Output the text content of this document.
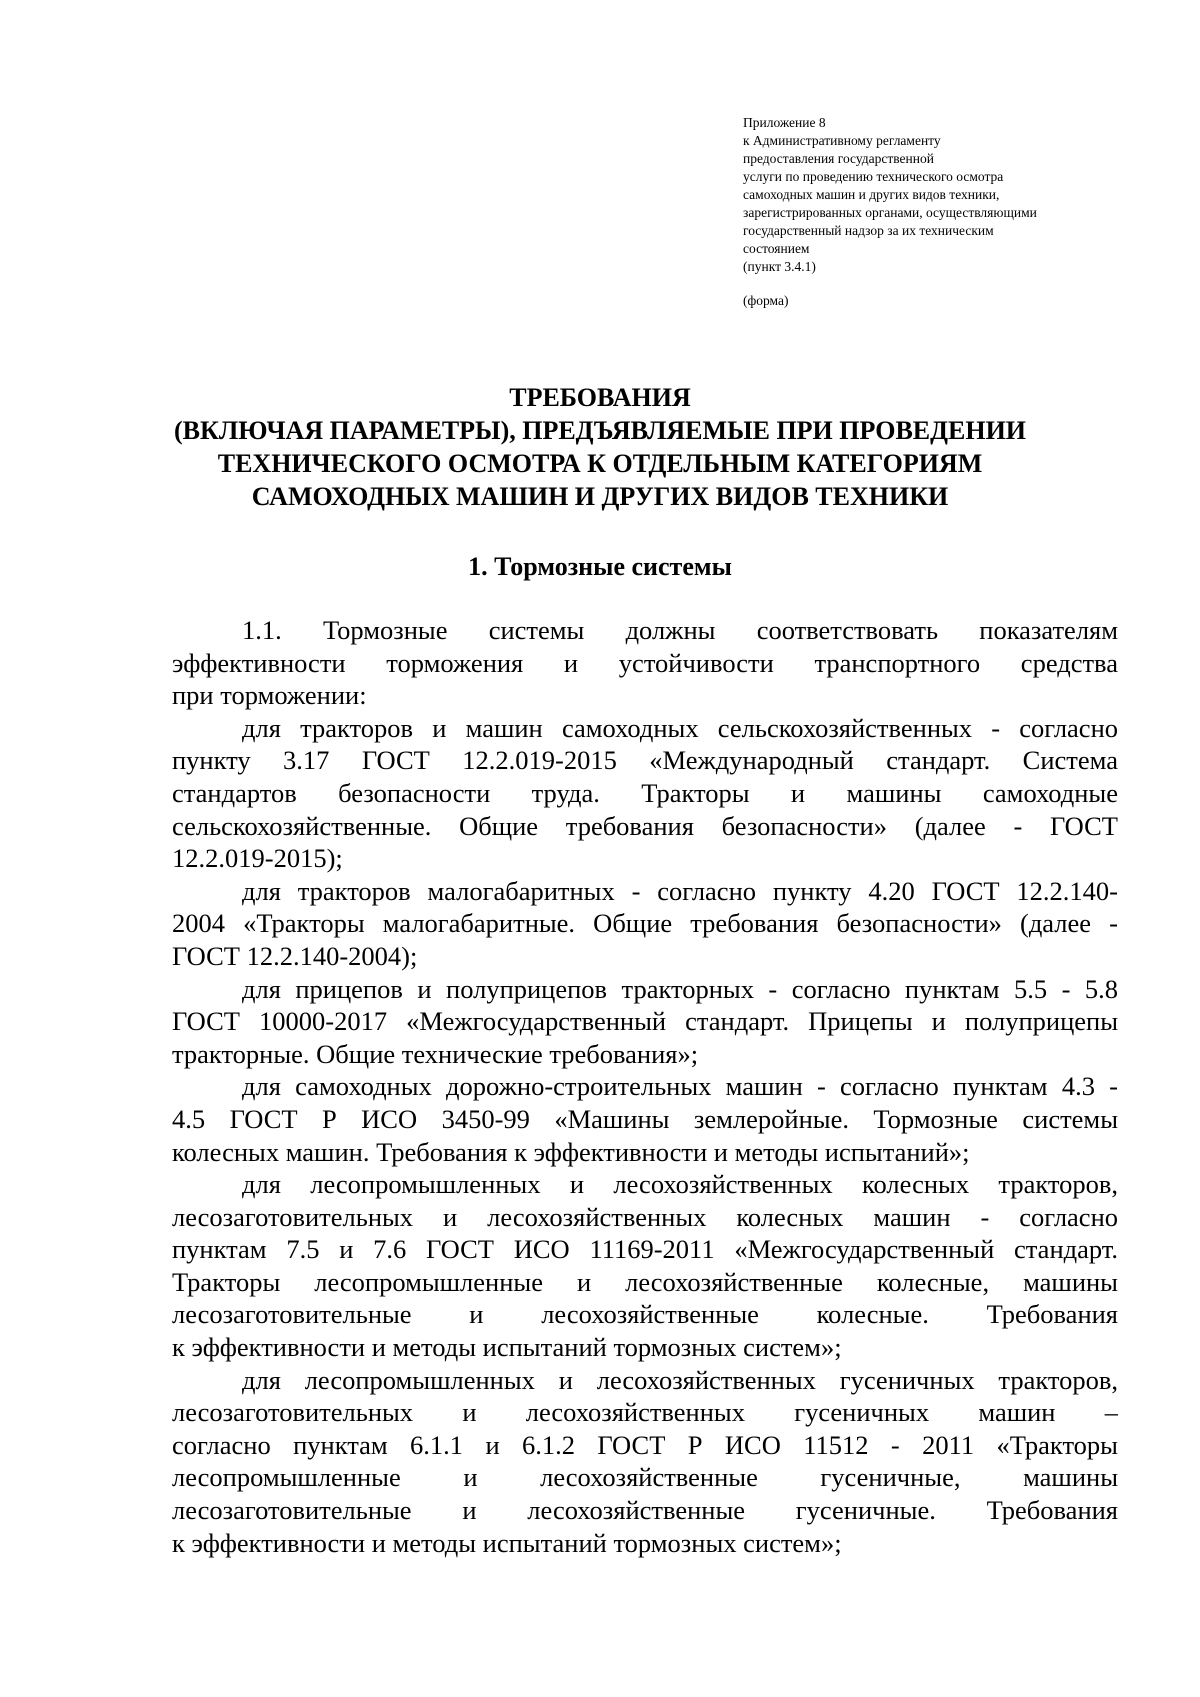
Приложение 8
к Административному регламенту
предоставления государственной
услуги по проведению технического осмотра
самоходных машин и других видов техники,
зарегистрированных органами, осуществляющими
государственный надзор за их техническим
состоянием
(пункт 3.4.1)
(форма)
ТРЕБОВАНИЯ
(ВКЛЮЧАЯ ПАРАМЕТРЫ), ПРЕДЪЯВЛЯЕМЫЕ ПРИ ПРОВЕДЕНИИ
ТЕХНИЧЕСКОГО ОСМОТРА К ОТДЕЛЬНЫМ КАТЕГОРИЯМ
САМОХОДНЫХ МАШИН И ДРУГИХ ВИДОВ ТЕХНИКИ
1. Тормозные системы
1.1. Тормозные системы должны соответствовать показателям
эффективности торможения и устойчивости транспортного средства
при торможении:
для тракторов и машин самоходных сельскохозяйственных - согласно
пункту 3.17 ГОСТ 12.2.019-2015 «Международный стандарт. Система
стандартов безопасности труда. Тракторы и машины самоходные
сельскохозяйственные. Общие требования безопасности» (далее - ГОСТ
12.2.019-2015);
для тракторов малогабаритных - согласно пункту 4.20 ГОСТ 12.2.140-
2004 «Тракторы малогабаритные. Общие требования безопасности» (далее -
ГОСТ 12.2.140-2004);
для прицепов и полуприцепов тракторных - согласно пунктам 5.5 - 5.8
ГОСТ 10000-2017 «Межгосударственный стандарт. Прицепы и полуприцепы
тракторные. Общие технические требования»;
для самоходных дорожно-строительных машин - согласно пунктам 4.3 -
4.5 ГОСТ Р ИСО 3450-99 «Машины землеройные. Тормозные системы
колесных машин. Требования к эффективности и методы испытаний»;
для лесопромышленных и лесохозяйственных колесных тракторов,
лесозаготовительных и лесохозяйственных колесных машин - согласно
пунктам 7.5 и 7.6 ГОСТ ИСО 11169-2011 «Межгосударственный стандарт.
Тракторы лесопромышленные и лесохозяйственные колесные, машины
лесозаготовительные и лесохозяйственные колесные. Требования
к эффективности и методы испытаний тормозных систем»;
для лесопромышленных и лесохозяйственных гусеничных тракторов,
лесозаготовительных и лесохозяйственных гусеничных машин –
согласно пунктам 6.1.1 и 6.1.2 ГОСТ Р ИСО 11512 - 2011 «Тракторы
лесопромышленные и лесохозяйственные гусеничные, машины
лесозаготовительные и лесохозяйственные гусеничные. Требования
к эффективности и методы испытаний тормозных систем»;
